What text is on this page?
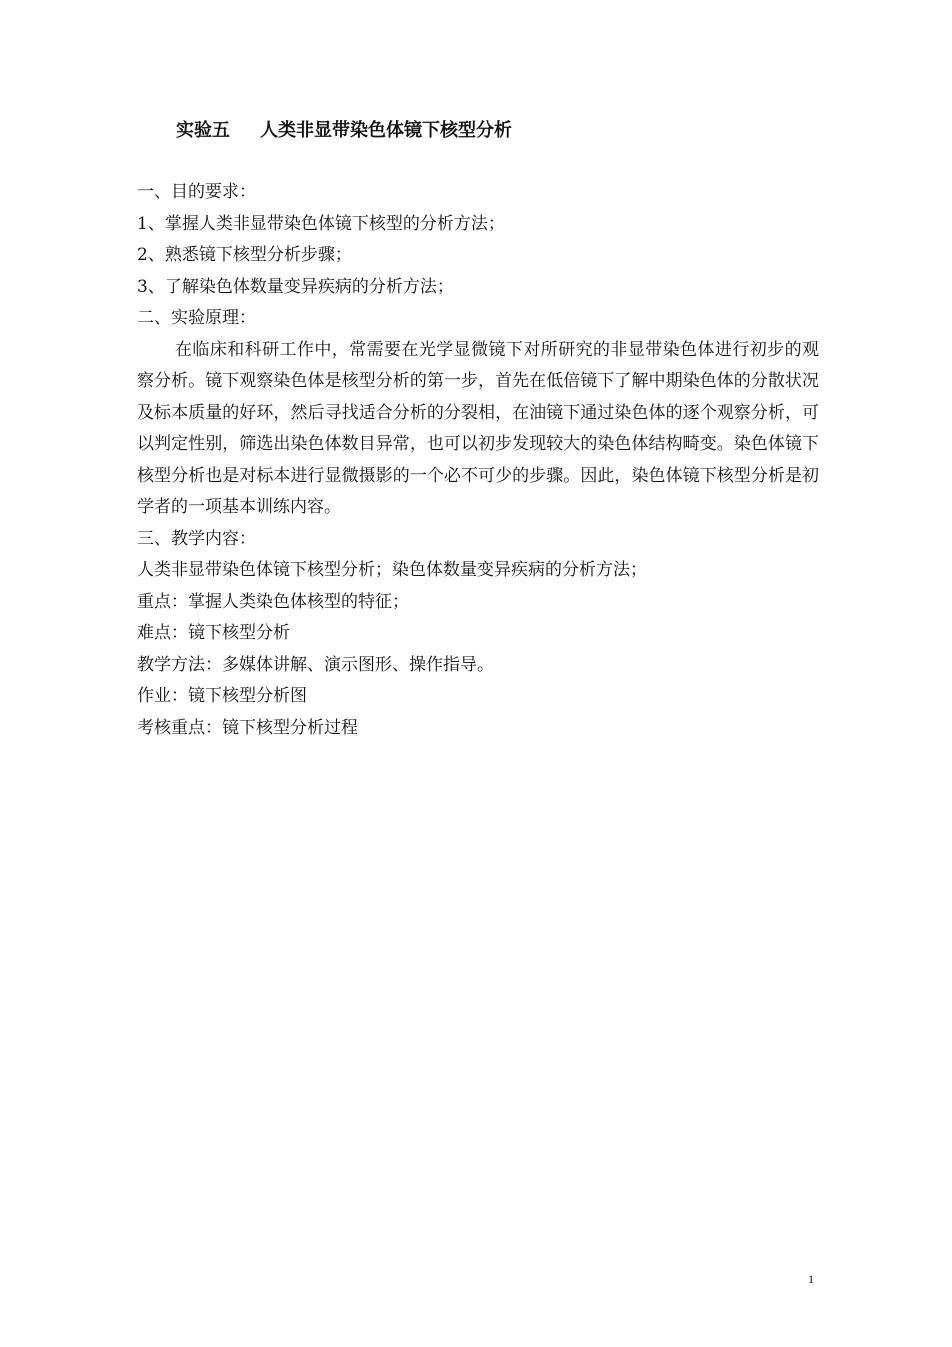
实验五 人类非显带染色体镜下核型分析
一、目的要求：
1、掌握人类非显带染色体镜下核型的分析方法；
2、熟悉镜下核型分析步骤；
3、了解染色体数量变异疾病的分析方法；
二、实验原理：
在临床和科研工作中，常需要在光学显微镜下对所研究的非显带染色体进行初步的观察分析。镜下观察染色体是核型分析的第一步，首先在低倍镜下了解中期染色体的分散状况及标本质量的好环，然后寻找适合分析的分裂相，在油镜下通过染色体的逐个观察分析，可以判定性别，筛选出染色体数目异常，也可以初步发现较大的染色体结构畸变。染色体镜下核型分析也是对标本进行显微摄影的一个必不可少的步骤。因此，染色体镜下核型分析是初学者的一项基本训练内容。
三、教学内容：
人类非显带染色体镜下核型分析；染色体数量变异疾病的分析方法；
重点：掌握人类染色体核型的特征；
难点：镜下核型分析
教学方法：多媒体讲解、演示图形、操作指导。
作业：镜下核型分析图
考核重点：镜下核型分析过程
1
